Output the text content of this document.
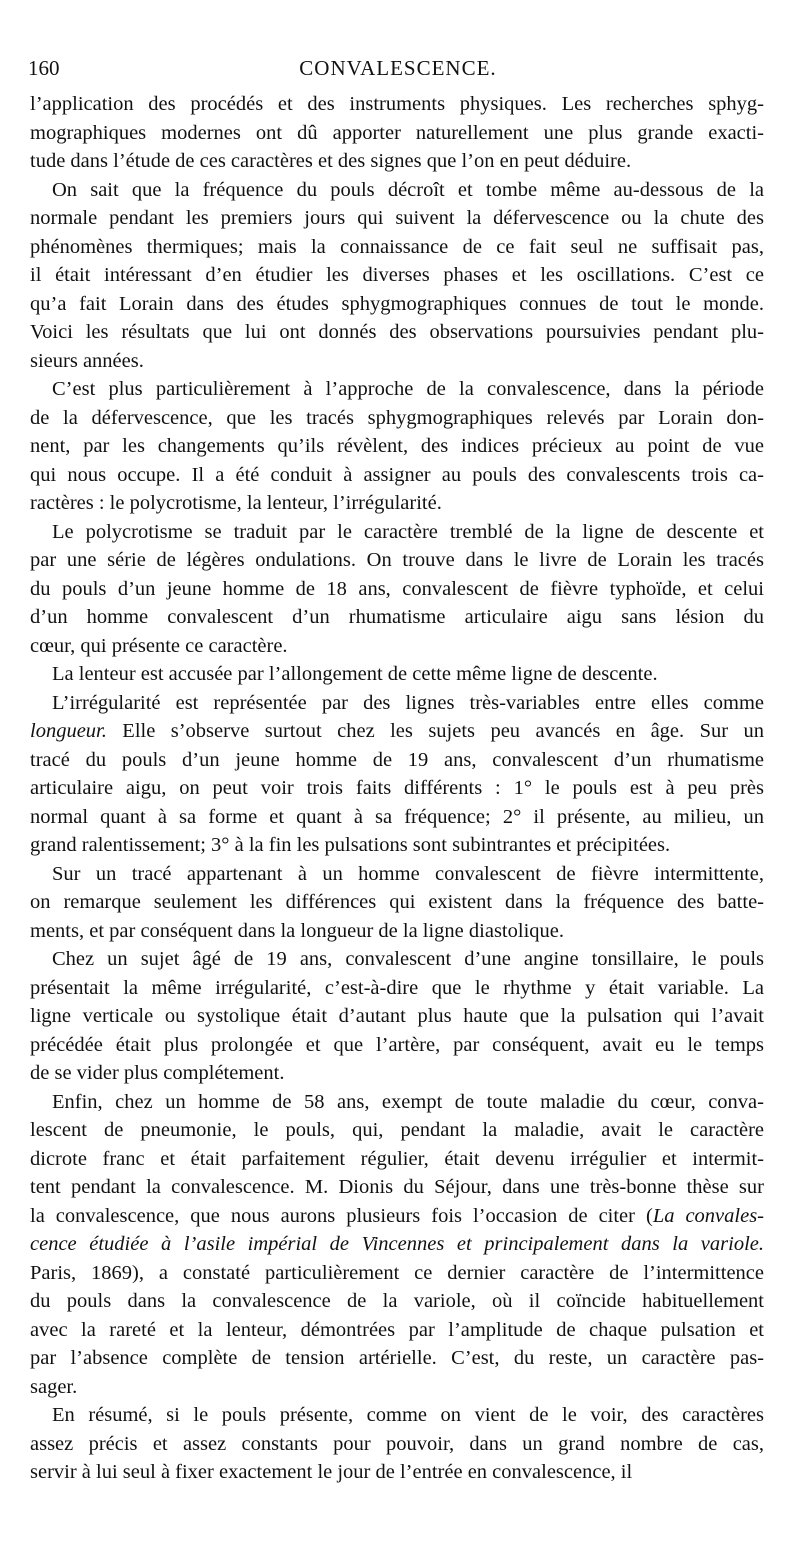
160	CONVALESCENCE.

l’application des procédés et des instruments physiques. Les recherches sphyg-
mographiques modernes ont dû apporter naturellement une plus grande exacti-
tude dans l’étude de ces caractères et des signes que l’on en peut déduire.

On sait que la fréquence du pouls décroît et tombe même au-dessous de la
normale pendant les premiers jours qui suivent la défervescence ou la chute des
phénomènes thermiques; mais la connaissance de ce fait seul ne suffisait pas,
il était intéressant d’en étudier les diverses phases et les oscillations. C’est ce
qu’a fait Lorain dans des études sphygmographiques connues de tout le monde.
Voici les résultats que lui ont donnés des observations poursuivies pendant plu-
sieurs années.

C’est plus particulièrement à l’approche de la convalescence, dans la période
de la défervescence, que les tracés sphygmographiques relevés par Lorain don-
nent, par les changements qu’ils révèlent, des indices précieux au point de vue
qui nous occupe. Il a été conduit à assigner au pouls des convalescents trois ca-
ractères : le polycrotisme, la lenteur, l’irrégularité.

Le polycrotisme se traduit par le caractère tremblé de la ligne de descente et
par une série de légères ondulations. On trouve dans le livre de Lorain les tracés
du pouls d’un jeune homme de 18 ans, convalescent de fièvre typhoïde, et celui
d’un homme convalescent d’un rhumatisme articulaire aigu sans lésion du
cœur, qui présente ce caractère.

La lenteur est accusée par l’allongement de cette même ligne de descente.

L’irrégularité est représentée par des lignes très-variables entre elles comme
longueur. Elle s’observe surtout chez les sujets peu avancés en âge. Sur un
tracé du pouls d’un jeune homme de 19 ans, convalescent d’un rhumatisme
articulaire aigu, on peut voir trois faits différents : 1° le pouls est à peu près
normal quant à sa forme et quant à sa fréquence; 2° il présente, au milieu, un
grand ralentissement; 3° à la fin les pulsations sont subintrantes et précipitées.

Sur un tracé appartenant à un homme convalescent de fièvre intermittente,
on remarque seulement les différences qui existent dans la fréquence des batte-
ments, et par conséquent dans la longueur de la ligne diastolique.

Chez un sujet âgé de 19 ans, convalescent d’une angine tonsillaire, le pouls
présentait la même irrégularité, c’est-à-dire que le rhythme y était variable. La
ligne verticale ou systolique était d’autant plus haute que la pulsation qui l’avait
précédée était plus prolongée et que l’artère, par conséquent, avait eu le temps
de se vider plus complétement.

Enfin, chez un homme de 58 ans, exempt de toute maladie du cœur, conva-
lescent de pneumonie, le pouls, qui, pendant la maladie, avait le caractère
dicrote franc et était parfaitement régulier, était devenu irrégulier et intermit-
tent pendant la convalescence. M. Dionis du Séjour, dans une très-bonne thèse sur
la convalescence, que nous aurons plusieurs fois l’occasion de citer (La convales-
cence étudiée à l’asile impérial de Vincennes et principalement dans la variole.
Paris, 1869), a constaté particulièrement ce dernier caractère de l’intermittence
du pouls dans la convalescence de la variole, où il coïncide habituellement
avec la rareté et la lenteur, démontrées par l’amplitude de chaque pulsation et
par l’absence complète de tension artérielle. C’est, du reste, un caractère pas-
sager.

En résumé, si le pouls présente, comme on vient de le voir, des caractères
assez précis et assez constants pour pouvoir, dans un grand nombre de cas,
servir à lui seul à fixer exactement le jour de l’entrée en convalescence, il
